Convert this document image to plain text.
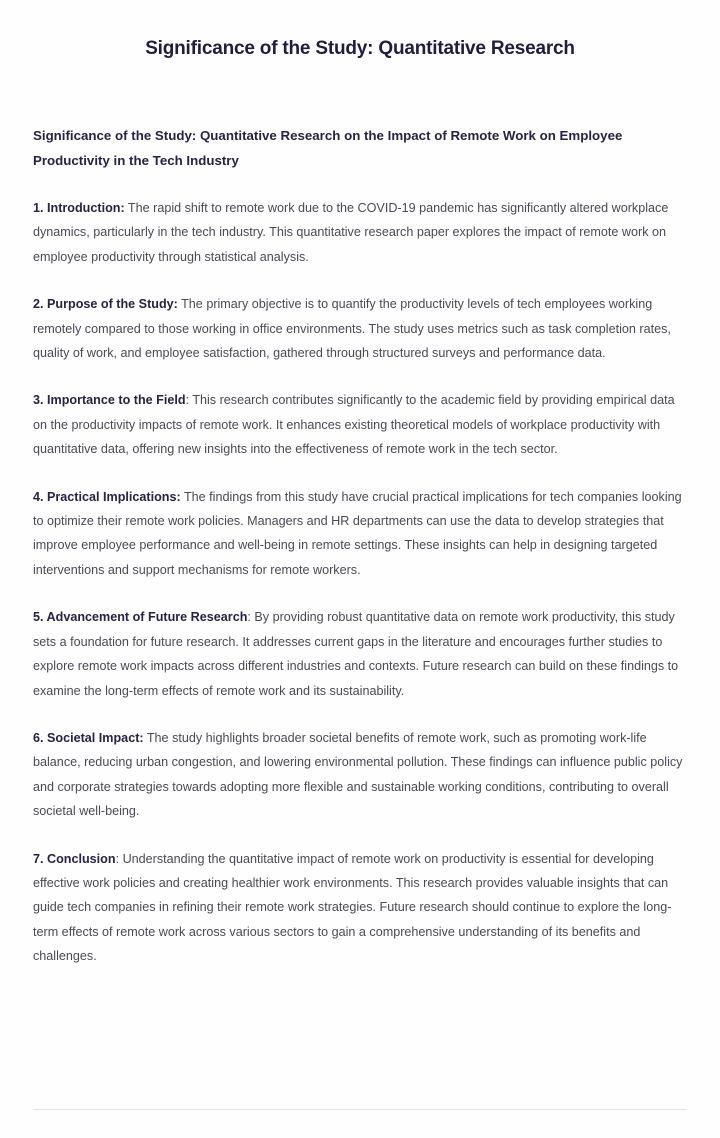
Significance of the Study: Quantitative Research
Significance of the Study: Quantitative Research on the Impact of Remote Work on Employee Productivity in the Tech Industry

1. Introduction: The rapid shift to remote work due to the COVID-19 pandemic has significantly altered workplace dynamics, particularly in the tech industry. This quantitative research paper explores the impact of remote work on employee productivity through statistical analysis.

2. Purpose of the Study: The primary objective is to quantify the productivity levels of tech employees working remotely compared to those working in office environments. The study uses metrics such as task completion rates, quality of work, and employee satisfaction, gathered through structured surveys and performance data.

3. Importance to the Field: This research contributes significantly to the academic field by providing empirical data on the productivity impacts of remote work. It enhances existing theoretical models of workplace productivity with quantitative data, offering new insights into the effectiveness of remote work in the tech sector.

4. Practical Implications: The findings from this study have crucial practical implications for tech companies looking to optimize their remote work policies. Managers and HR departments can use the data to develop strategies that improve employee performance and well-being in remote settings. These insights can help in designing targeted interventions and support mechanisms for remote workers.

5. Advancement of Future Research: By providing robust quantitative data on remote work productivity, this study sets a foundation for future research. It addresses current gaps in the literature and encourages further studies to explore remote work impacts across different industries and contexts. Future research can build on these findings to examine the long-term effects of remote work and its sustainability.

6. Societal Impact: The study highlights broader societal benefits of remote work, such as promoting work-life balance, reducing urban congestion, and lowering environmental pollution. These findings can influence public policy and corporate strategies towards adopting more flexible and sustainable working conditions, contributing to overall societal well-being.

7. Conclusion: Understanding the quantitative impact of remote work on productivity is essential for developing effective work policies and creating healthier work environments. This research provides valuable insights that can guide tech companies in refining their remote work strategies. Future research should continue to explore the long-term effects of remote work across various sectors to gain a comprehensive understanding of its benefits and challenges.
